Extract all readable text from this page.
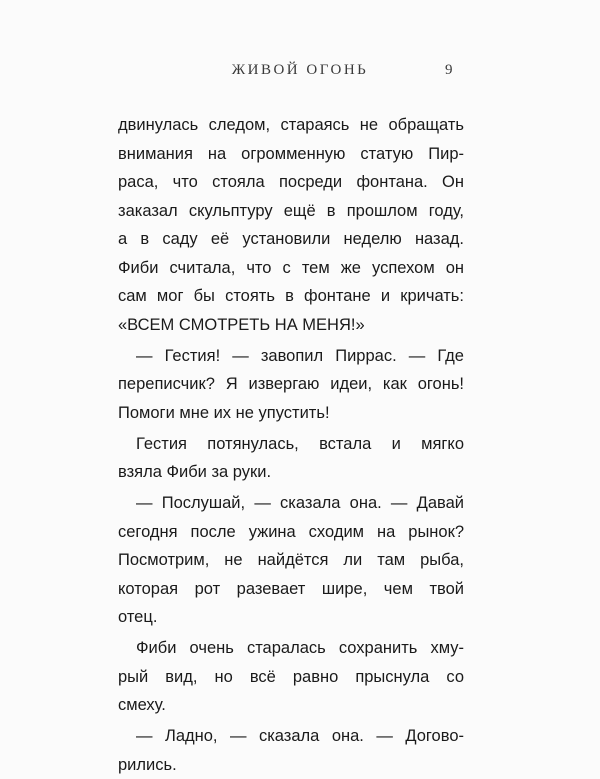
ЖИВОЙ ОГОНЬ	9
двинулась следом, стараясь не обращать
внимания на огромменную статую Пир-
раса, что стояла посреди фонтана. Он
заказал скульптуру ещё в прошлом году,
а в саду её установили неделю назад.
Фиби считала, что с тем же успехом он
сам мог бы стоять в фонтане и кричать:
«ВСЕМ СМОТРЕТЬ НА МЕНЯ!»
— Гестия! — завопил Пиррас. — Где
переписчик? Я извергаю идеи, как огонь!
Помоги мне их не упустить!
Гестия потянулась, встала и мягко
взяла Фиби за руки.
— Послушай, — сказала она. — Давай
сегодня после ужина сходим на рынок?
Посмотрим, не найдётся ли там рыба,
которая рот разевает шире, чем твой
отец.
Фиби очень старалась сохранить хму-
рый вид, но всё равно прыснула со
смеху.
— Ладно, — сказала она. — Догово-
рились.
